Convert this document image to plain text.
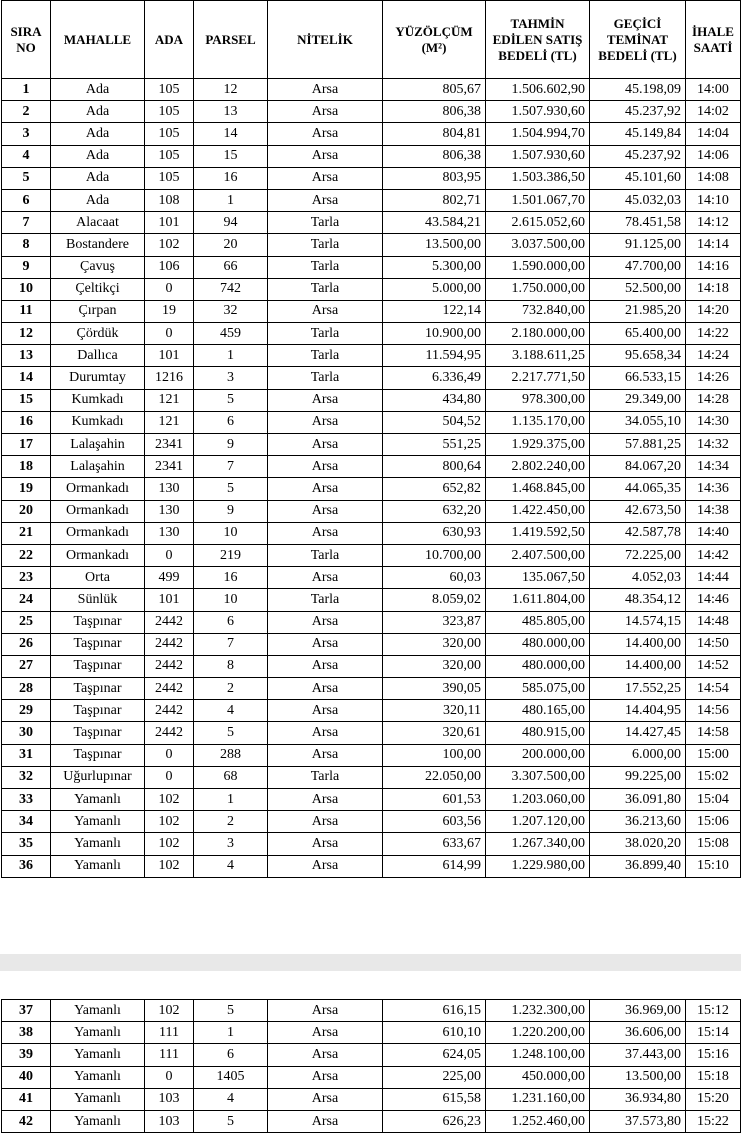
SIRA NO	MAHALLE	ADA	PARSEL	NİTELİK	YÜZÖLÇÜM (M²)	TAHMİN EDİLEN SATIŞ BEDELİ (TL)	GEÇİCİ TEMİNAT BEDELİ (TL)	İHALE SAATİ
1	Ada	105	12	Arsa	805,67	1.506.602,90	45.198,09	14:00
2	Ada	105	13	Arsa	806,38	1.507.930,60	45.237,92	14:02
3	Ada	105	14	Arsa	804,81	1.504.994,70	45.149,84	14:04
4	Ada	105	15	Arsa	806,38	1.507.930,60	45.237,92	14:06
5	Ada	105	16	Arsa	803,95	1.503.386,50	45.101,60	14:08
6	Ada	108	1	Arsa	802,71	1.501.067,70	45.032,03	14:10
7	Alacaat	101	94	Tarla	43.584,21	2.615.052,60	78.451,58	14:12
8	Bostandere	102	20	Tarla	13.500,00	3.037.500,00	91.125,00	14:14
9	Çavuş	106	66	Tarla	5.300,00	1.590.000,00	47.700,00	14:16
10	Çeltikçi	0	742	Tarla	5.000,00	1.750.000,00	52.500,00	14:18
11	Çırpan	19	32	Arsa	122,14	732.840,00	21.985,20	14:20
12	Çördük	0	459	Tarla	10.900,00	2.180.000,00	65.400,00	14:22
13	Dallıca	101	1	Tarla	11.594,95	3.188.611,25	95.658,34	14:24
14	Durumtay	1216	3	Tarla	6.336,49	2.217.771,50	66.533,15	14:26
15	Kumkadı	121	5	Arsa	434,80	978.300,00	29.349,00	14:28
16	Kumkadı	121	6	Arsa	504,52	1.135.170,00	34.055,10	14:30
17	Lalaşahin	2341	9	Arsa	551,25	1.929.375,00	57.881,25	14:32
18	Lalaşahin	2341	7	Arsa	800,64	2.802.240,00	84.067,20	14:34
19	Ormankadı	130	5	Arsa	652,82	1.468.845,00	44.065,35	14:36
20	Ormankadı	130	9	Arsa	632,20	1.422.450,00	42.673,50	14:38
21	Ormankadı	130	10	Arsa	630,93	1.419.592,50	42.587,78	14:40
22	Ormankadı	0	219	Tarla	10.700,00	2.407.500,00	72.225,00	14:42
23	Orta	499	16	Arsa	60,03	135.067,50	4.052,03	14:44
24	Sünlük	101	10	Tarla	8.059,02	1.611.804,00	48.354,12	14:46
25	Taşpınar	2442	6	Arsa	323,87	485.805,00	14.574,15	14:48
26	Taşpınar	2442	7	Arsa	320,00	480.000,00	14.400,00	14:50
27	Taşpınar	2442	8	Arsa	320,00	480.000,00	14.400,00	14:52
28	Taşpınar	2442	2	Arsa	390,05	585.075,00	17.552,25	14:54
29	Taşpınar	2442	4	Arsa	320,11	480.165,00	14.404,95	14:56
30	Taşpınar	2442	5	Arsa	320,61	480.915,00	14.427,45	14:58
31	Taşpınar	0	288	Arsa	100,00	200.000,00	6.000,00	15:00
32	Uğurlupınar	0	68	Tarla	22.050,00	3.307.500,00	99.225,00	15:02
33	Yamanlı	102	1	Arsa	601,53	1.203.060,00	36.091,80	15:04
34	Yamanlı	102	2	Arsa	603,56	1.207.120,00	36.213,60	15:06
35	Yamanlı	102	3	Arsa	633,67	1.267.340,00	38.020,20	15:08
36	Yamanlı	102	4	Arsa	614,99	1.229.980,00	36.899,40	15:10
37	Yamanlı	102	5	Arsa	616,15	1.232.300,00	36.969,00	15:12
38	Yamanlı	111	1	Arsa	610,10	1.220.200,00	36.606,00	15:14
39	Yamanlı	111	6	Arsa	624,05	1.248.100,00	37.443,00	15:16
40	Yamanlı	0	1405	Arsa	225,00	450.000,00	13.500,00	15:18
41	Yamanlı	103	4	Arsa	615,58	1.231.160,00	36.934,80	15:20
42	Yamanlı	103	5	Arsa	626,23	1.252.460,00	37.573,80	15:22
